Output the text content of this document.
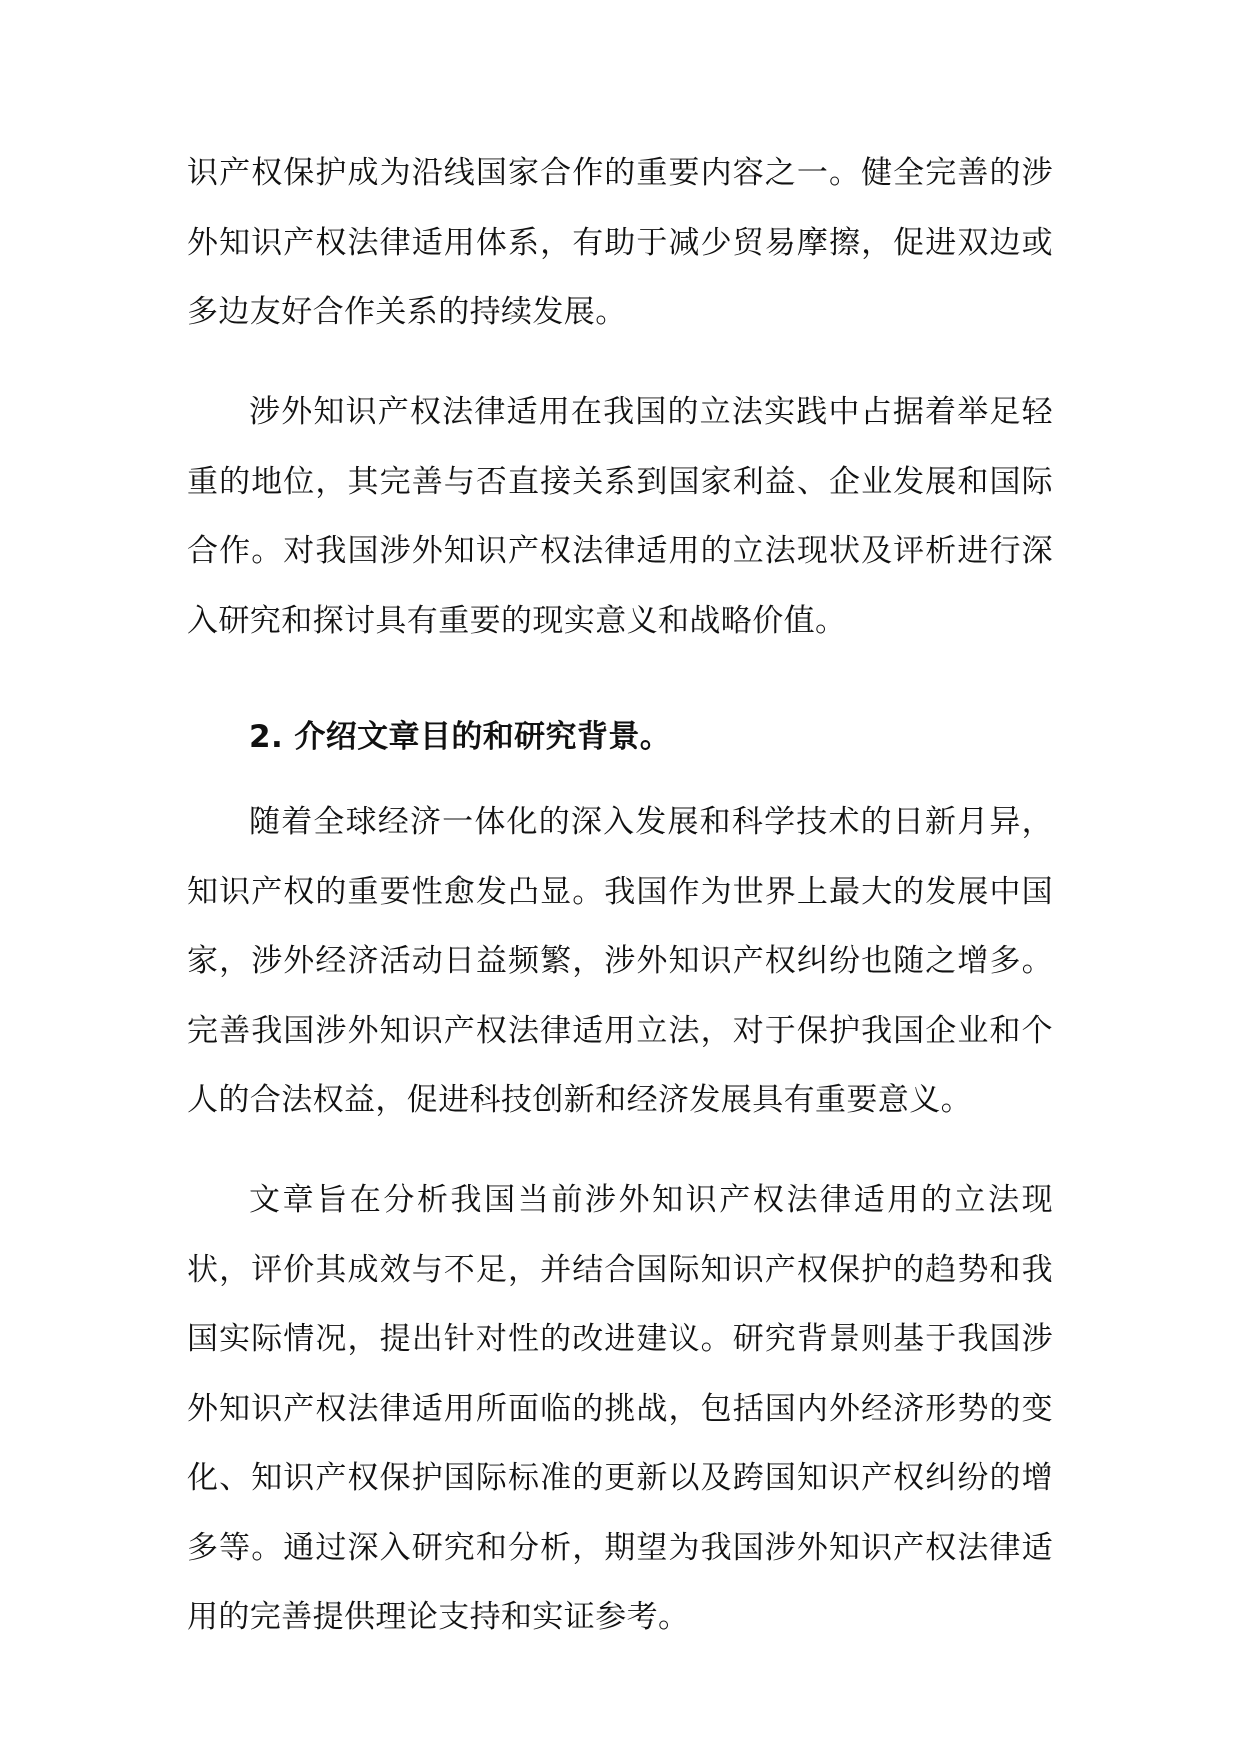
识产权保护成为沿线国家合作的重要内容之一。健全完善的涉外知识产权法律适用体系，有助于减少贸易摩擦，促进双边或多边友好合作关系的持续发展。

涉外知识产权法律适用在我国的立法实践中占据着举足轻重的地位，其完善与否直接关系到国家利益、企业发展和国际合作。对我国涉外知识产权法律适用的立法现状及评析进行深入研究和探讨具有重要的现实意义和战略价值。

2. 介绍文章目的和研究背景。

随着全球经济一体化的深入发展和科学技术的日新月异，知识产权的重要性愈发凸显。我国作为世界上最大的发展中国家，涉外经济活动日益频繁，涉外知识产权纠纷也随之增多。完善我国涉外知识产权法律适用立法，对于保护我国企业和个人的合法权益，促进科技创新和经济发展具有重要意义。

文章旨在分析我国当前涉外知识产权法律适用的立法现状，评价其成效与不足，并结合国际知识产权保护的趋势和我国实际情况，提出针对性的改进建议。研究背景则基于我国涉外知识产权法律适用所面临的挑战，包括国内外经济形势的变化、知识产权保护国际标准的更新以及跨国知识产权纠纷的增多等。通过深入研究和分析，期望为我国涉外知识产权法律适用的完善提供理论支持和实证参考。
